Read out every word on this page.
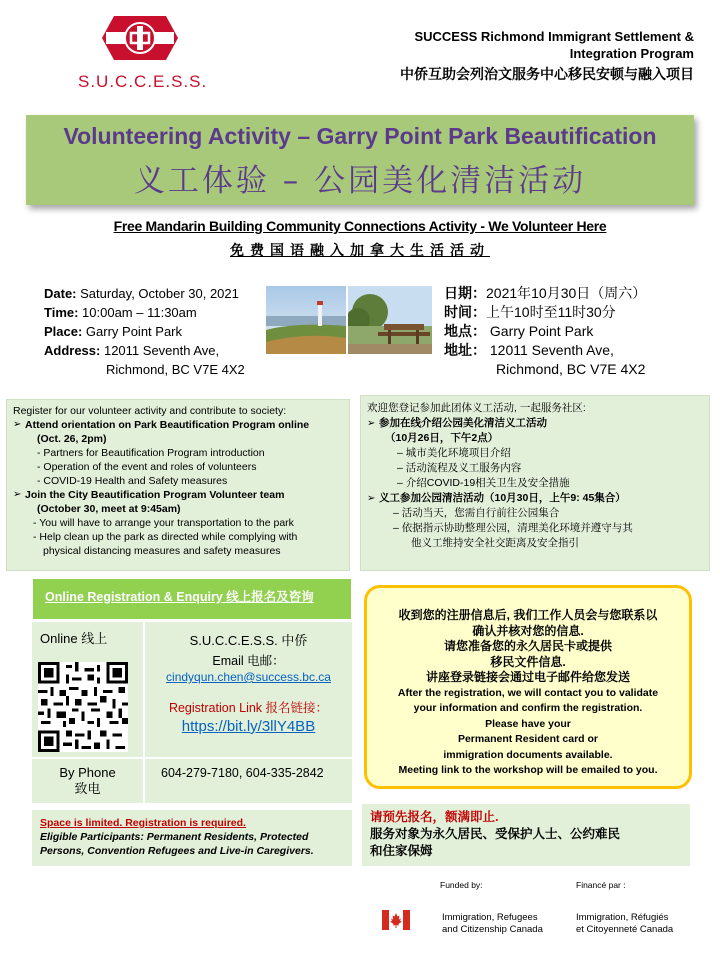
S.U.C.C.E.S.S.
SUCCESS Richmond Immigrant Settlement &
Integration Program
中侨互助会列治文服务中心移民安顿与融入项目
Volunteering Activity – Garry Point Park Beautification
义工体验 – 公园美化清洁活动
Free Mandarin Building Community Connections Activity - We Volunteer Here
免费国语融入加拿大生活活动
Date: Saturday, October 30, 2021
Time: 10:00am – 11:30am
Place: Garry Point Park
Address: 12011 Seventh Ave,
Richmond, BC V7E 4X2
日期：2021年10月30日（周六）
时间：上午10时至11时30分
地点： Garry Point Park
地址： 12011 Seventh Ave,
Richmond, BC V7E 4X2
Register for our volunteer activity and contribute to society:
➢ Attend orientation on Park Beautification Program online
(Oct. 26, 2pm)
- Partners for Beautification Program introduction
- Operation of the event and roles of volunteers
- COVID-19 Health and Safety measures
➢ Join the City Beautification Program Volunteer team
(October 30, meet at 9:45am)
- You will have to arrange your transportation to the park
- Help clean up the park as directed while complying with
physical distancing measures and safety measures
欢迎您登记参加此团体义工活动, 一起服务社区:
➢ 参加在线介绍公园美化清洁义工活动
（10月26日，下午2点）
– 城市美化环境项目介绍
– 活动流程及义工服务内容
– 介绍COVID-19相关卫生及安全措施
➢ 义工参加公园清洁活动（10月30日，上午9: 45集合）
– 活动当天，您需自行前往公园集合
– 依据指示协助整理公园，清理美化环境并遵守与其
他义工维持安全社交距离及安全指引
Online Registration & Enquiry 线上报名及咨询
Online 线上	S.U.C.C.E.S.S. 中侨
Email 电邮：
cindyqun.chen@success.bc.ca
Registration Link 报名链接：
https://bit.ly/3llY4BB
By Phone
致电
604-279-7180, 604-335-2842
收到您的注册信息后, 我们工作人员会与您联系以
确认并核对您的信息.
请您准备您的永久居民卡或提供
移民文件信息.
讲座登录链接会通过电子邮件给您发送
After the registration, we will contact you to validate
your information and confirm the registration.
Please have your
Permanent Resident card or
immigration documents available.
Meeting link to the workshop will be emailed to you.
Space is limited. Registration is required.
Eligible Participants: Permanent Residents, Protected
Persons, Convention Refugees and Live-in Caregivers.
请预先报名，额满即止.
服务对象为永久居民、受保护人士、公约难民
和住家保姆
Funded by:	Financé par :
Immigration, Refugees
and Citizenship Canada
Immigration, Réfugiés
et Citoyenneté Canada
